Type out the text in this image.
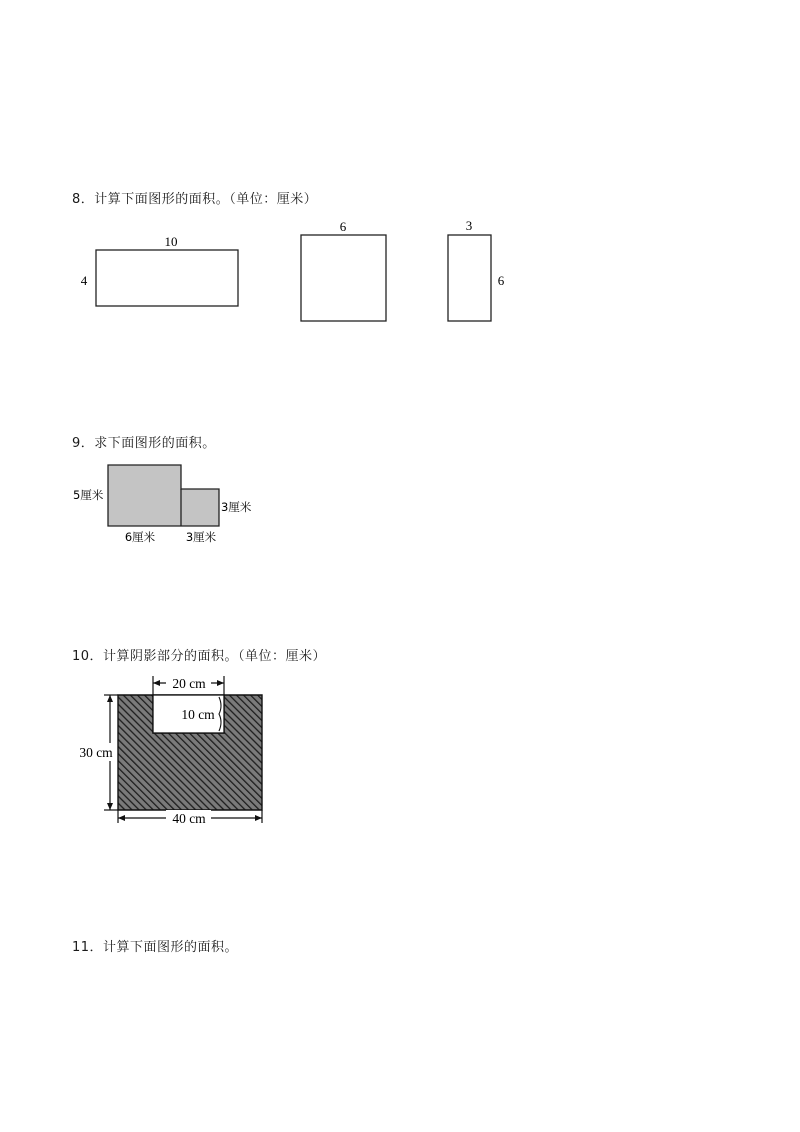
8．计算下面图形的面积。（单位：厘米）
9．求下面图形的面积。
10．计算阴影部分的面积。（单位：厘米）
11．计算下面图形的面积。
10
4
6	3
6
5厘米
3厘米
6厘米	3厘米
20 cm
10 cm
30 cm
40 cm
